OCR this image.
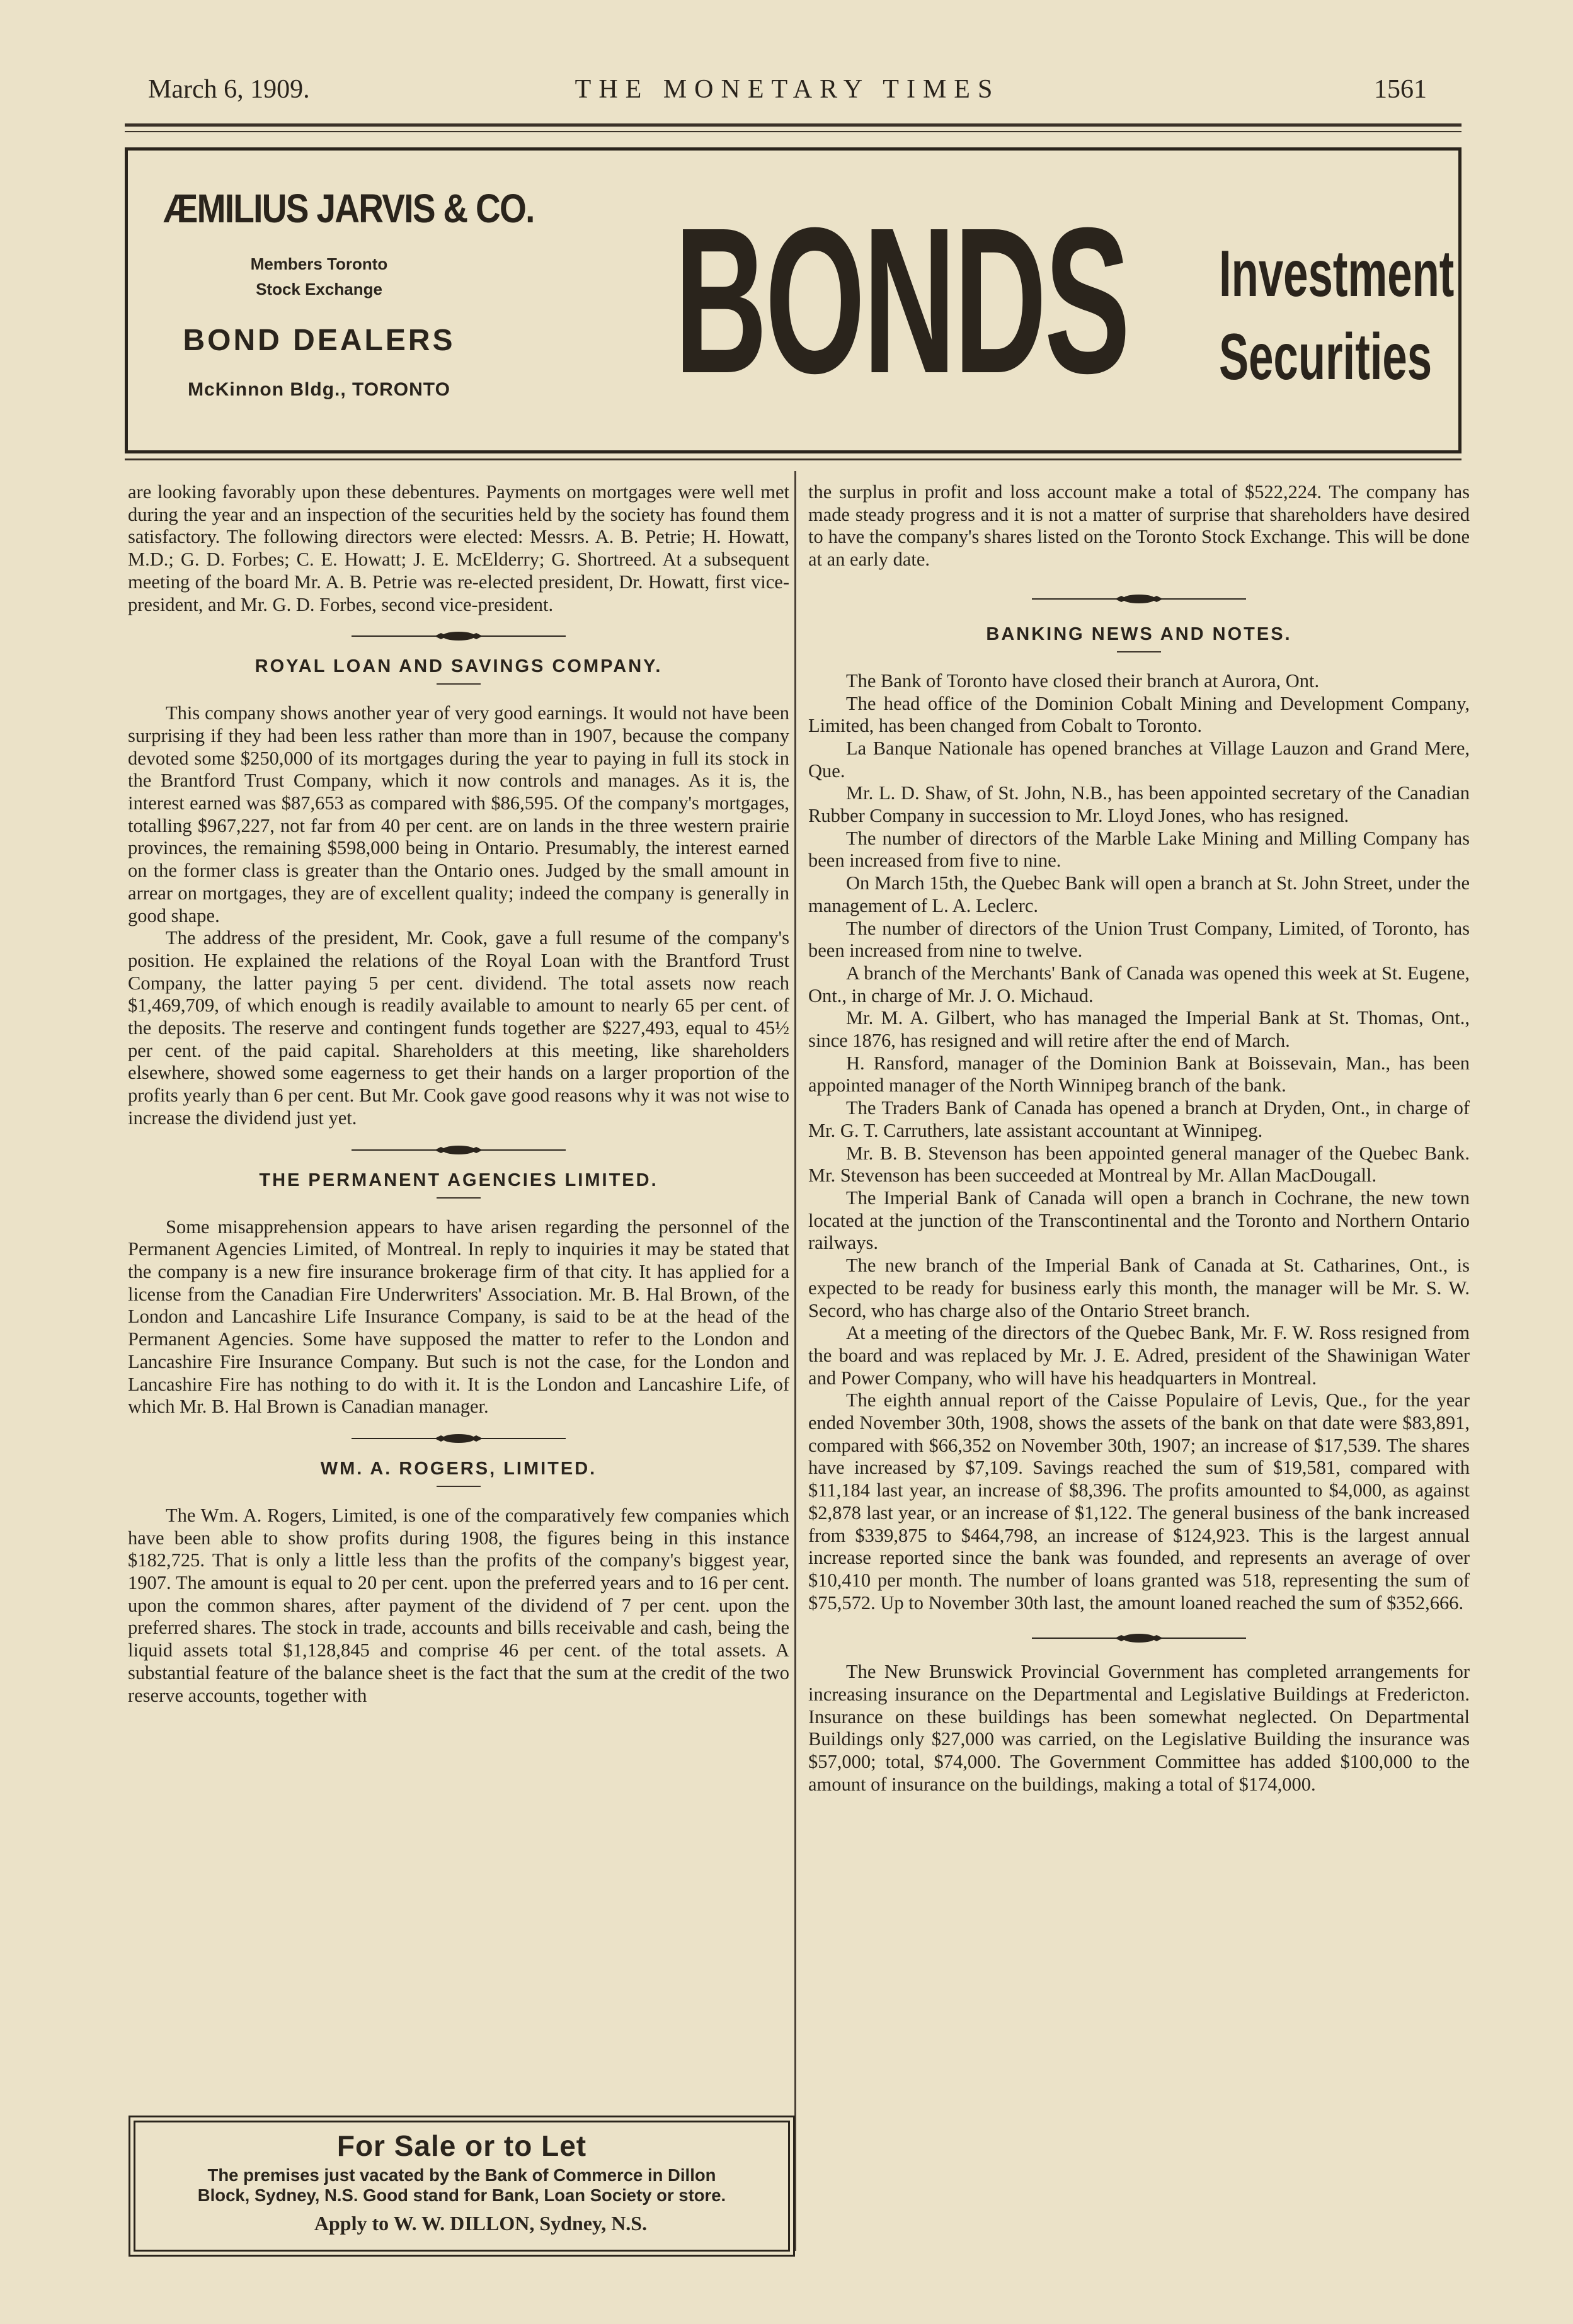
March 6, 1909.	THE MONETARY TIMES	1561
ÆMILIUS JARVIS & CO.
Members Toronto
Stock Exchange
BOND DEALERS
McKinnon Bldg., TORONTO BONDS Investment
Securities

are looking favorably upon these debentures. Payments on mortgages were well met during the year and an inspection of the securities held by the society has found them satisfactory. The following directors were elected: Messrs. A. B. Petrie; H. Howatt, M.D.; G. D. Forbes; C. E. Howatt; J. E. McElderry; G. Shortreed. At a subsequent meeting of the board Mr. A. B. Petrie was re-elected president, Dr. Howatt, first vice-president, and Mr. G. D. Forbes, second vice-president.

ROYAL LOAN AND SAVINGS COMPANY.

This company shows another year of very good earnings. It would not have been surprising if they had been less rather than more than in 1907, because the company devoted some $250,000 of its mortgages during the year to paying in full its stock in the Brantford Trust Company, which it now controls and manages. As it is, the interest earned was $87,653 as compared with $86,595. Of the company's mortgages, totalling $967,227, not far from 40 per cent. are on lands in the three western prairie provinces, the remaining $598,000 being in Ontario. Presumably, the interest earned on the former class is greater than the Ontario ones. Judged by the small amount in arrear on mortgages, they are of excellent quality; indeed the company is generally in good shape.

The address of the president, Mr. Cook, gave a full resume of the company's position. He explained the relations of the Royal Loan with the Brantford Trust Company, the latter paying 5 per cent. dividend. The total assets now reach $1,469,709, of which enough is readily available to amount to nearly 65 per cent. of the deposits. The reserve and contingent funds together are $227,493, equal to 45½ per cent. of the paid capital. Shareholders at this meeting, like shareholders elsewhere, showed some eagerness to get their hands on a larger proportion of the profits yearly than 6 per cent. But Mr. Cook gave good reasons why it was not wise to increase the dividend just yet.

THE PERMANENT AGENCIES LIMITED.

Some misapprehension appears to have arisen regarding the personnel of the Permanent Agencies Limited, of Montreal. In reply to inquiries it may be stated that the company is a new fire insurance brokerage firm of that city. It has applied for a license from the Canadian Fire Underwriters' Association. Mr. B. Hal Brown, of the London and Lancashire Life Insurance Company, is said to be at the head of the Permanent Agencies. Some have supposed the matter to refer to the London and Lancashire Fire Insurance Company. But such is not the case, for the London and Lancashire Fire has nothing to do with it. It is the London and Lancashire Life, of which Mr. B. Hal Brown is Canadian manager.

WM. A. ROGERS, LIMITED.

The Wm. A. Rogers, Limited, is one of the comparatively few companies which have been able to show profits during 1908, the figures being in this instance $182,725. That is only a little less than the profits of the company's biggest year, 1907. The amount is equal to 20 per cent. upon the preferred years and to 16 per cent. upon the common shares, after payment of the dividend of 7 per cent. upon the preferred shares. The stock in trade, accounts and bills receivable and cash, being the liquid assets total $1,128,845 and comprise 46 per cent. of the total assets. A substantial feature of the balance sheet is the fact that the sum at the credit of the two reserve accounts, together with

the surplus in profit and loss account make a total of $522,224. The company has made steady progress and it is not a matter of surprise that shareholders have desired to have the company's shares listed on the Toronto Stock Exchange. This will be done at an early date.

BANKING NEWS AND NOTES.

The Bank of Toronto have closed their branch at Aurora, Ont.

The head office of the Dominion Cobalt Mining and Development Company, Limited, has been changed from Cobalt to Toronto.

La Banque Nationale has opened branches at Village Lauzon and Grand Mere, Que.

Mr. L. D. Shaw, of St. John, N.B., has been appointed secretary of the Canadian Rubber Company in succession to Mr. Lloyd Jones, who has resigned.

The number of directors of the Marble Lake Mining and Milling Company has been increased from five to nine.

On March 15th, the Quebec Bank will open a branch at St. John Street, under the management of L. A. Leclerc.

The number of directors of the Union Trust Company, Limited, of Toronto, has been increased from nine to twelve.

A branch of the Merchants' Bank of Canada was opened this week at St. Eugene, Ont., in charge of Mr. J. O. Michaud.

Mr. M. A. Gilbert, who has managed the Imperial Bank at St. Thomas, Ont., since 1876, has resigned and will retire after the end of March.

H. Ransford, manager of the Dominion Bank at Boissevain, Man., has been appointed manager of the North Winnipeg branch of the bank.

The Traders Bank of Canada has opened a branch at Dryden, Ont., in charge of Mr. G. T. Carruthers, late assistant accountant at Winnipeg.

Mr. B. B. Stevenson has been appointed general manager of the Quebec Bank. Mr. Stevenson has been succeeded at Montreal by Mr. Allan MacDougall.

The Imperial Bank of Canada will open a branch in Cochrane, the new town located at the junction of the Transcontinental and the Toronto and Northern Ontario railways.

The new branch of the Imperial Bank of Canada at St. Catharines, Ont., is expected to be ready for business early this month, the manager will be Mr. S. W. Secord, who has charge also of the Ontario Street branch.

At a meeting of the directors of the Quebec Bank, Mr. F. W. Ross resigned from the board and was replaced by Mr. J. E. Adred, president of the Shawinigan Water and Power Company, who will have his headquarters in Montreal.

The eighth annual report of the Caisse Populaire of Levis, Que., for the year ended November 30th, 1908, shows the assets of the bank on that date were $83,891, compared with $66,352 on November 30th, 1907; an increase of $17,539. The shares have increased by $7,109. Savings reached the sum of $19,581, compared with $11,184 last year, an increase of $8,396. The profits amounted to $4,000, as against $2,878 last year, or an increase of $1,122. The general business of the bank increased from $339,875 to $464,798, an increase of $124,923. This is the largest annual increase reported since the bank was founded, and represents an average of over $10,410 per month. The number of loans granted was 518, representing the sum of $75,572. Up to November 30th last, the amount loaned reached the sum of $352,666.

The New Brunswick Provincial Government has completed arrangements for increasing insurance on the Departmental and Legislative Buildings at Fredericton. Insurance on these buildings has been somewhat neglected. On Departmental Buildings only $27,000 was carried, on the Legislative Building the insurance was $57,000; total, $74,000. The Government Committee has added $100,000 to the amount of insurance on the buildings, making a total of $174,000.

For Sale or to Let
The premises just vacated by the Bank of Commerce in Dillon
Block, Sydney, N.S. Good stand for Bank, Loan Society or store.
Apply to W. W. DILLON, Sydney, N.S.
